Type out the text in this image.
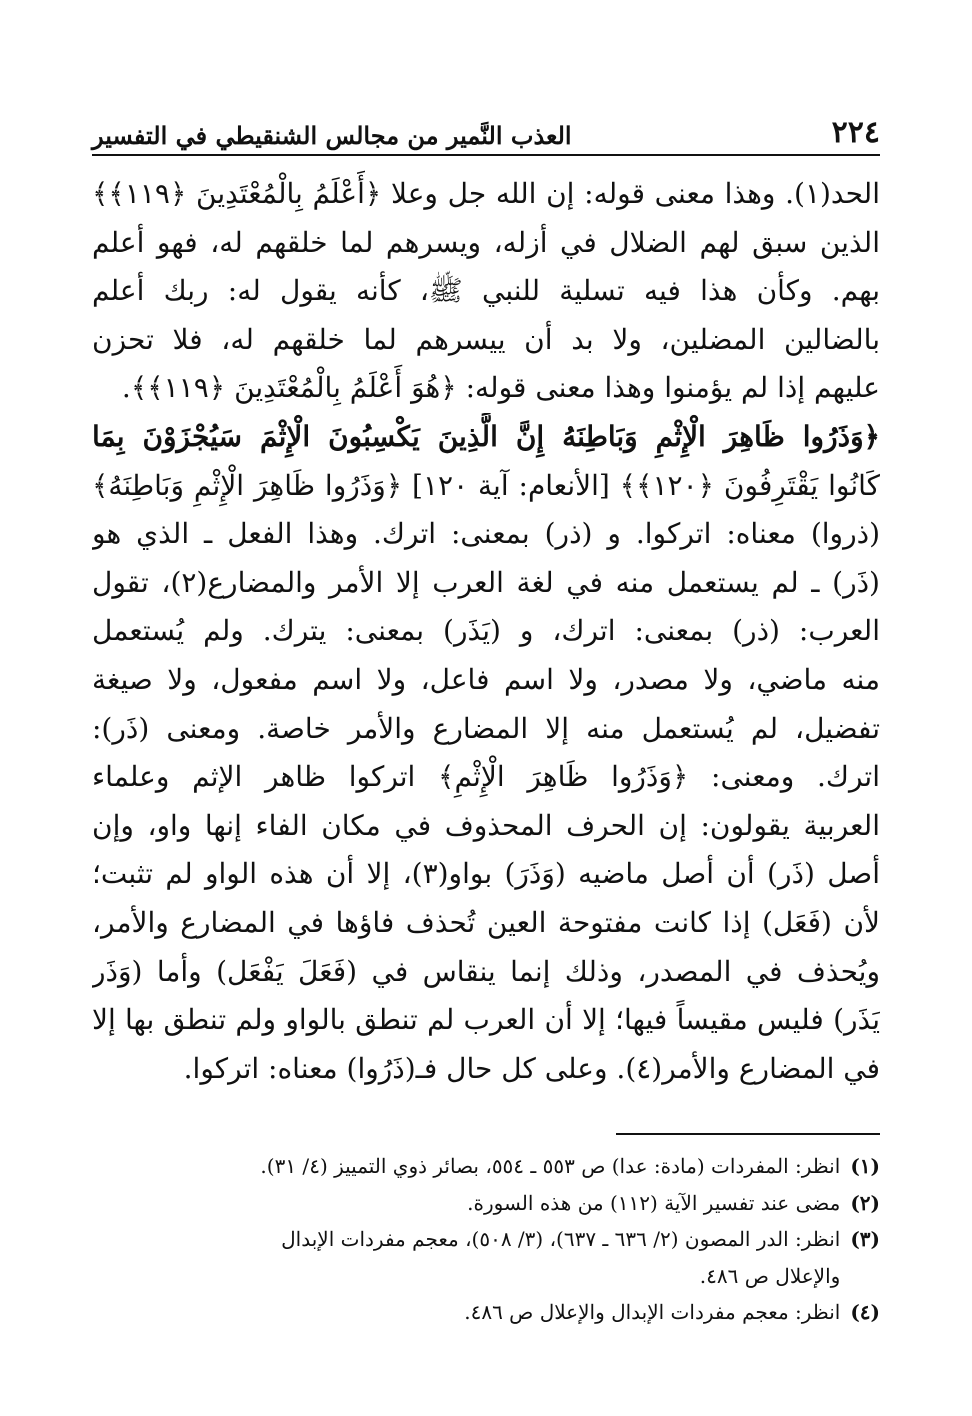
٢٢٤
العذب النَّمير من مجالس الشنقيطي في التفسير
الحد(١). وهذا معنى قوله: إن الله جل وعلا ﴿أَعْلَمُ بِالْمُعْتَدِينَ ﴿١١٩﴾﴾
الذين سبق لهم الضلال في أزله، ويسرهم لما خلقهم له، فهو أعلم
بهم. وكأن هذا فيه تسلية للنبي ﷺ، كأنه يقول له: ربك أعلم
بالضالين المضلين، ولا بد أن ييسرهم لما خلقهم له، فلا تحزن
عليهم إذا لم يؤمنوا وهذا معنى قوله: ﴿هُوَ أَعْلَمُ بِالْمُعْتَدِينَ ﴿١١٩﴾﴾.
﴿وَذَرُوا ظَاهِرَ الْإِثْمِ وَبَاطِنَهُ إِنَّ الَّذِينَ يَكْسِبُونَ الْإِثْمَ سَيُجْزَوْنَ بِمَا
كَانُوا يَقْتَرِفُونَ ﴿١٢٠﴾﴾ [الأنعام: آية ١٢٠] ﴿وَذَرُوا ظَاهِرَ الْإِثْمِ وَبَاطِنَهُ﴾
(ذروا) معناه: اتركوا. و (ذر) بمعنى: اترك. وهذا الفعل ـ الذي هو
(ذَر) ـ لم يستعمل منه في لغة العرب إلا الأمر والمضارع(٢)، تقول
العرب: (ذر) بمعنى: اترك، و (يَذَر) بمعنى: يترك. ولم يُستعمل
منه ماضي، ولا مصدر، ولا اسم فاعل، ولا اسم مفعول، ولا صيغة
تفضيل، لم يُستعمل منه إلا المضارع والأمر خاصة. ومعنى (ذَر):
اترك. ومعنى: ﴿وَذَرُوا ظَاهِرَ الْإِثْمِ﴾ اتركوا ظاهر الإثم وعلماء
العربية يقولون: إن الحرف المحذوف في مكان الفاء إنها واو، وإن
أصل (ذَر) أن أصل ماضيه (وَذَرَ) بواو(٣)، إلا أن هذه الواو لم تثبت؛
لأن (فَعَل) إذا كانت مفتوحة العين تُحذف فاؤها في المضارع والأمر،
ويُحذف في المصدر، وذلك إنما ينقاس في (فَعَلَ يَفْعَل) وأما (وَذَر
يَذَر) فليس مقيساً فيها؛ إلا أن العرب لم تنطق بالواو ولم تنطق بها إلا
في المضارع والأمر(٤). وعلى كل حال فـ(ذَرُوا) معناه: اتركوا.
(١)
انظر: المفردات (مادة: عدا) ص ٥٥٣ ـ ٥٥٤، بصائر ذوي التمييز (٤/ ٣١).
(٢)
مضى عند تفسير الآية (١١٢) من هذه السورة.
(٣)
انظر: الدر المصون (٢/ ٦٣٦ ـ ٦٣٧)، (٣/ ٥٠٨)، معجم مفردات الإبدال
والإعلال ص ٤٨٦.
(٤)
انظر: معجم مفردات الإبدال والإعلال ص ٤٨٦.
